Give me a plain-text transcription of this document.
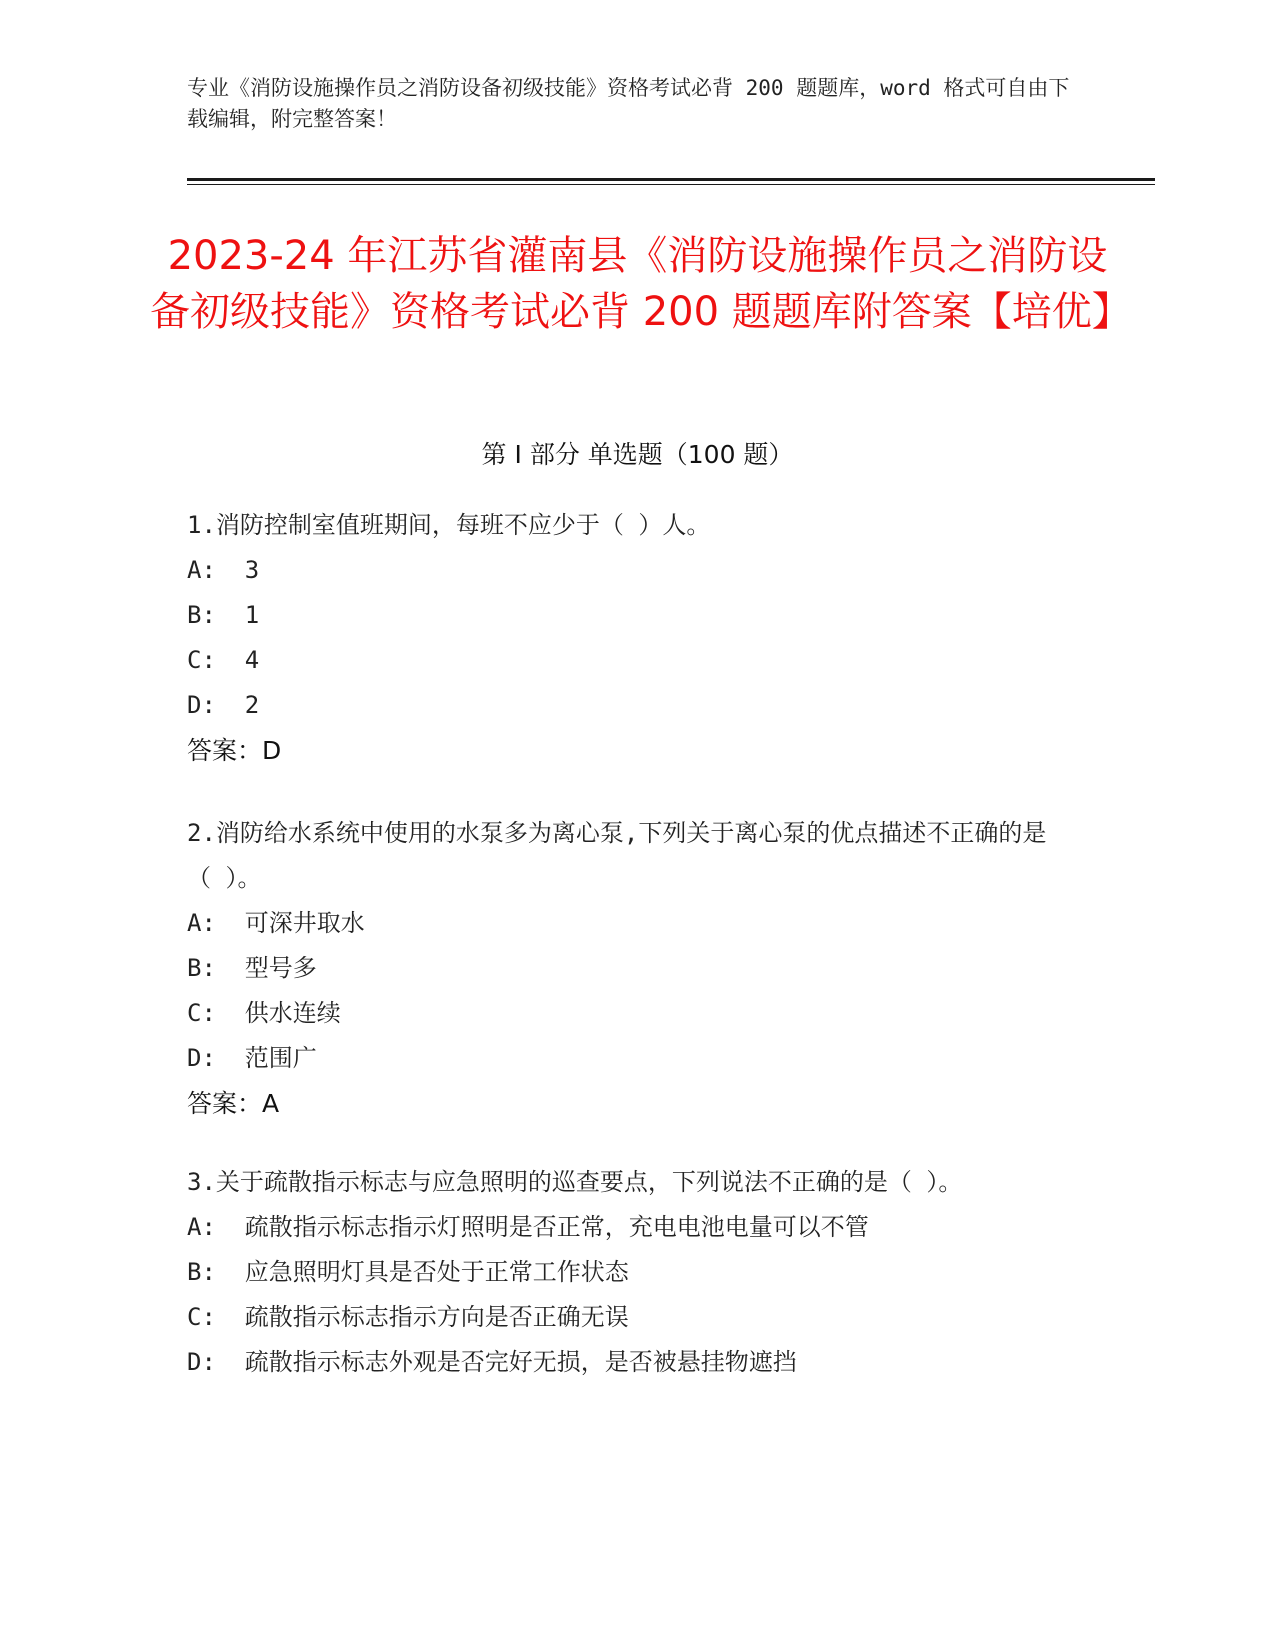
专业《消防设施操作员之消防设备初级技能》资格考试必背 200 题题库，word 格式可自由下载编辑，附完整答案！
2023-24 年江苏省灌南县《消防设施操作员之消防设备初级技能》资格考试必背 200 题题库附答案【培优】
第 I 部分 单选题（100 题）

1.消防控制室值班期间，每班不应少于（ ）人。

A:  3

B:  1

C:  4

D:  2

答案：D

2.消防给水系统中使用的水泵多为离心泵,下列关于离心泵的优点描述不正确的是（ ）。

A:  可深井取水

B:  型号多

C:  供水连续

D:  范围广

答案：A

3.关于疏散指示标志与应急照明的巡查要点，下列说法不正确的是（ ）。

A:  疏散指示标志指示灯照明是否正常，充电电池电量可以不管

B:  应急照明灯具是否处于正常工作状态

C:  疏散指示标志指示方向是否正确无误

D:  疏散指示标志外观是否完好无损，是否被悬挂物遮挡
